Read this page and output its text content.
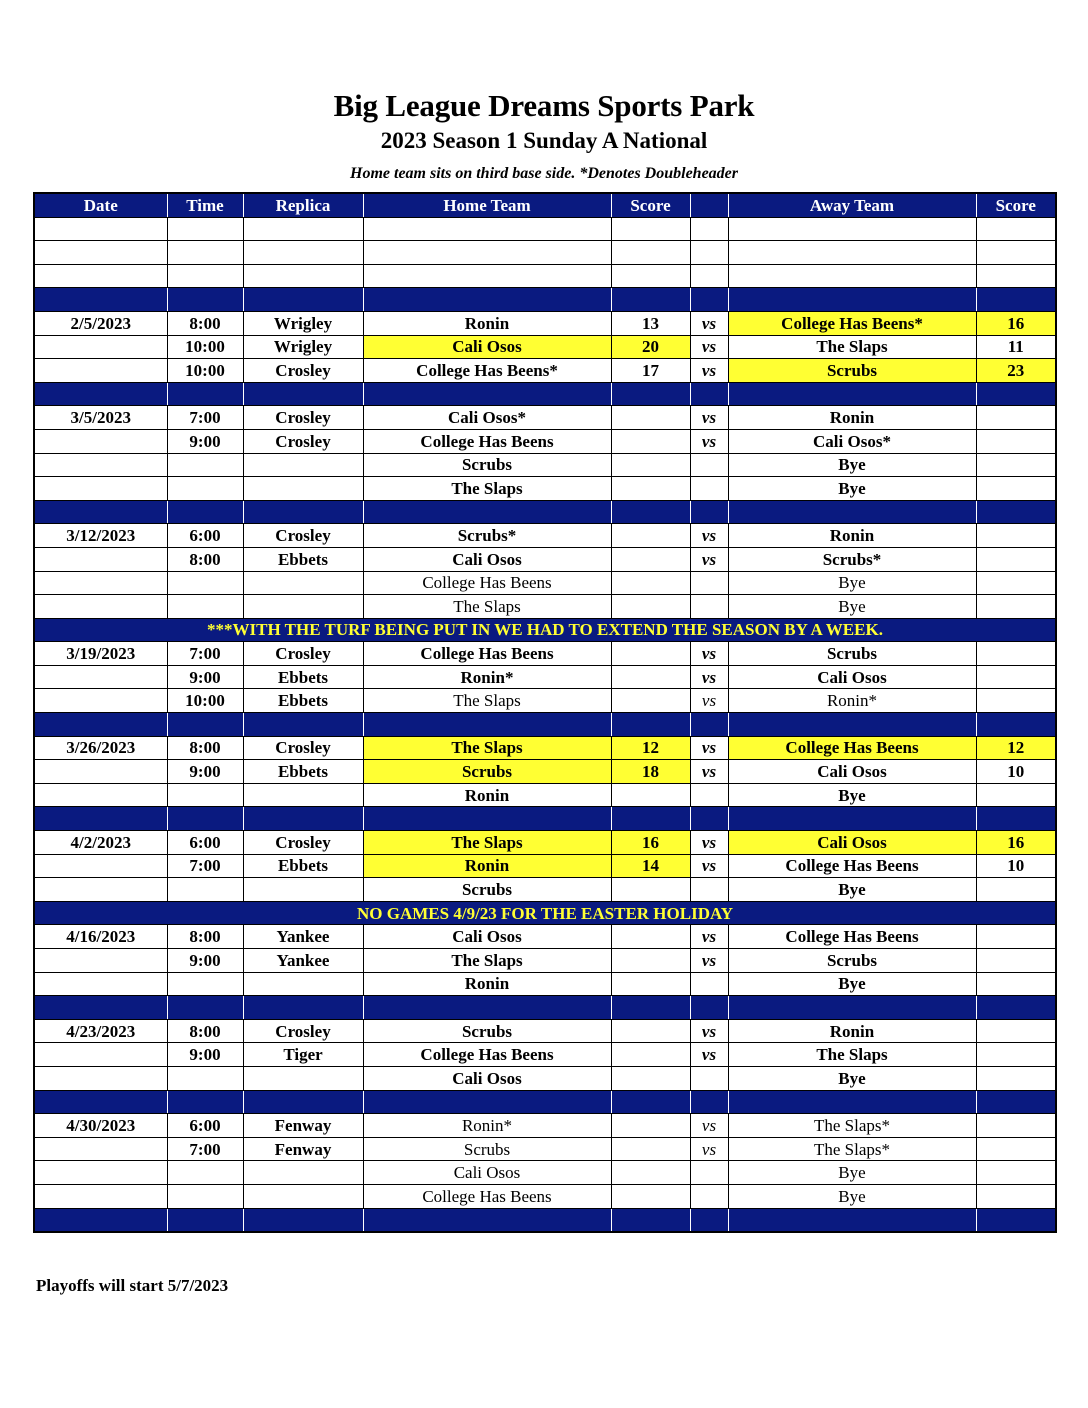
Big League Dreams Sports Park
2023 Season 1 Sunday A National
Home team sits on third base side. *Denotes Doubleheader
Date	Time	Replica	Home Team	Score		Away Team	Score

2/5/2023	8:00	Wrigley	Ronin	13	vs	College Has Beens*	16
	10:00	Wrigley	Cali Osos	20	vs	The Slaps	11
	10:00	Crosley	College Has Beens*	17	vs	Scrubs	23

3/5/2023	7:00	Crosley	Cali Osos*		vs	Ronin	
	9:00	Crosley	College Has Beens		vs	Cali Osos*	
			Scrubs			Bye	
			The Slaps			Bye	

3/12/2023	6:00	Crosley	Scrubs*		vs	Ronin	
	8:00	Ebbets	Cali Osos		vs	Scrubs*	
			College Has Beens			Bye	
			The Slaps			Bye	
***WITH THE TURF BEING PUT IN WE HAD TO EXTEND THE SEASON BY A WEEK.							
3/19/2023	7:00	Crosley	College Has Beens		vs	Scrubs	
	9:00	Ebbets	Ronin*		vs	Cali Osos	
	10:00	Ebbets	The Slaps		vs	Ronin*	

3/26/2023	8:00	Crosley	The Slaps	12	vs	College Has Beens	12
	9:00	Ebbets	Scrubs	18	vs	Cali Osos	10
			Ronin			Bye	

4/2/2023	6:00	Crosley	The Slaps	16	vs	Cali Osos	16
	7:00	Ebbets	Ronin	14	vs	College Has Beens	10
			Scrubs			Bye	
NO GAMES 4/9/23 FOR THE EASTER HOLIDAY							
4/16/2023	8:00	Yankee	Cali Osos		vs	College Has Beens	
	9:00	Yankee	The Slaps		vs	Scrubs	
			Ronin			Bye	

4/23/2023	8:00	Crosley	Scrubs		vs	Ronin	
	9:00	Tiger	College Has Beens		vs	The Slaps	
			Cali Osos			Bye	

4/30/2023	6:00	Fenway	Ronin*		vs	The Slaps*	
	7:00	Fenway	Scrubs		vs	The Slaps*	
			Cali Osos			Bye	
			College Has Beens			Bye	

Playoffs will start 5/7/2023
